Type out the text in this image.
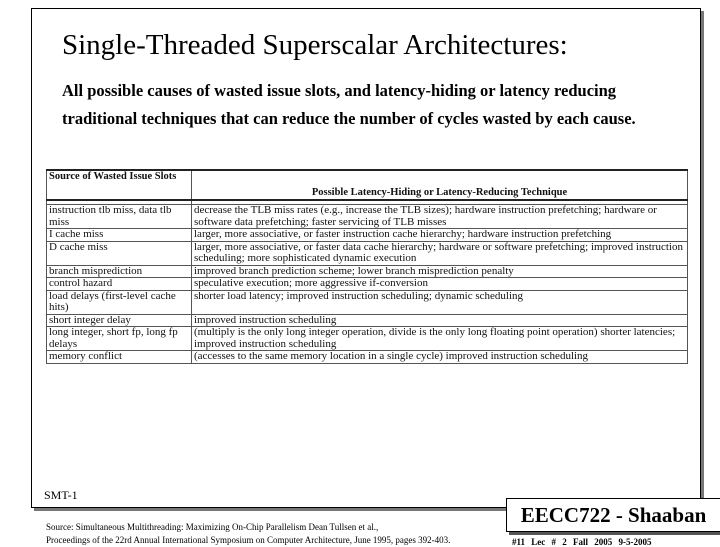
Single-Threaded Superscalar Architectures:
All possible causes of wasted issue slots, and latency-hiding or latency reducing traditional techniques that can reduce the number of cycles wasted by each cause.
Source of Wasted Issue Slots	Possible Latency-Hiding or Latency-Reducing Technique

instruction tlb miss, data tlb miss	decrease the TLB miss rates (e.g., increase the TLB sizes); hardware instruction prefetching; hardware or software data prefetching; faster servicing of TLB misses
I cache miss	larger, more associative, or faster instruction cache hierarchy; hardware instruction prefetching
D cache miss	larger, more associative, or faster data cache hierarchy; hardware or software prefetching; improved instruction scheduling; more sophisticated dynamic execution
branch misprediction	improved branch prediction scheme; lower branch misprediction penalty
control hazard	speculative execution; more aggressive if-conversion
load delays (first-level cache hits)	shorter load latency; improved instruction scheduling; dynamic scheduling
short integer delay	improved instruction scheduling
long integer, short fp, long fp delays	(multiply is the only long integer operation, divide is the only long floating point operation) shorter latencies; improved instruction scheduling
memory conflict	(accesses to the same memory location in a single cycle) improved instruction scheduling
SMT-1
Source: Simultaneous Multithreading: Maximizing On-Chip Parallelism Dean Tullsen et al.,
Proceedings of the 22rd Annual International Symposium on Computer Architecture, June 1995, pages 392-403.
EECC722 - Shaaban
#11 Lec # 2 Fall 2005 9-5-2005
